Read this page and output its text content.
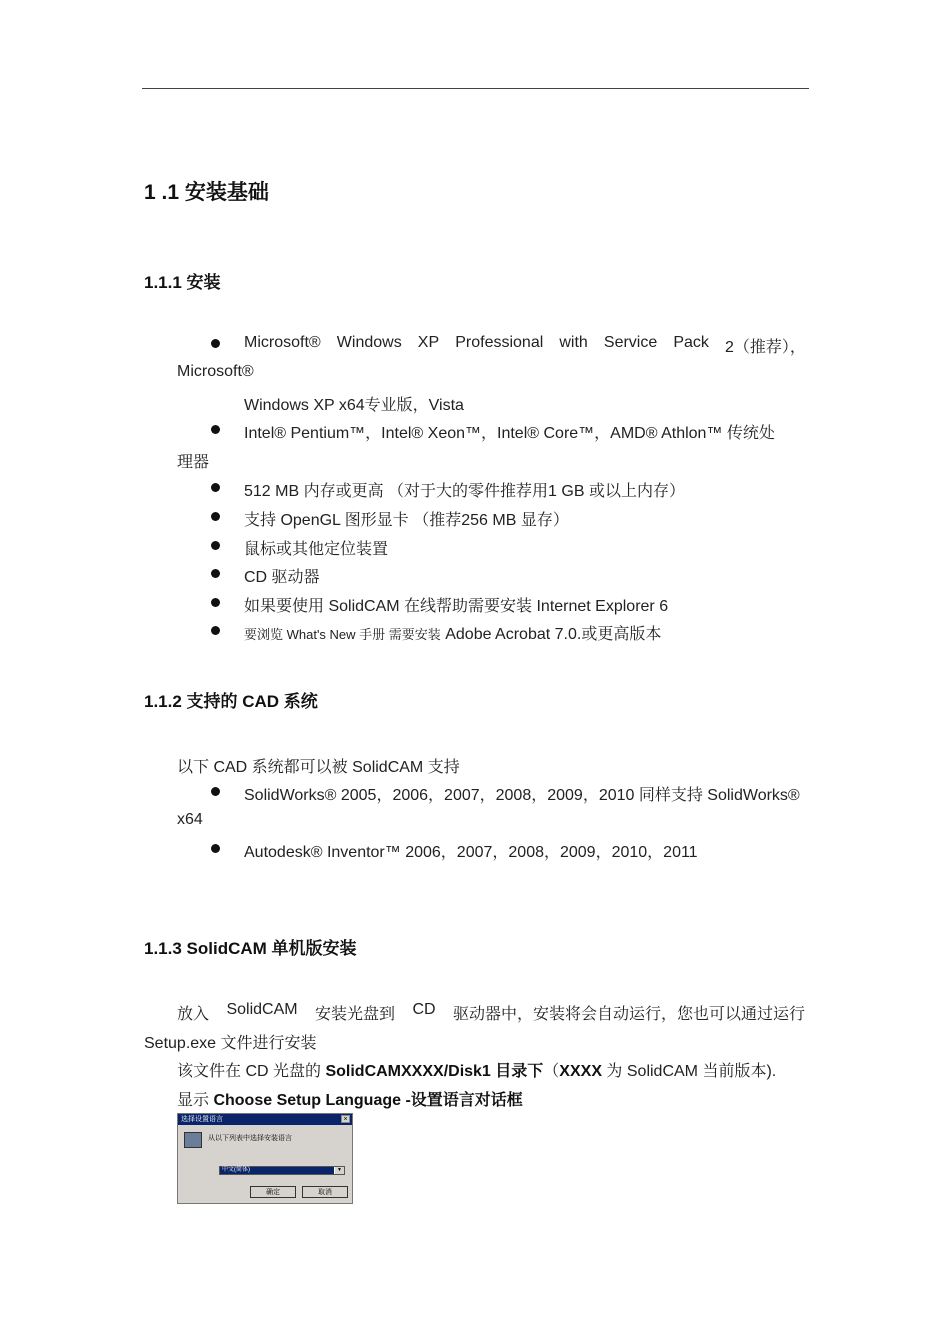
1 .1 安装基础
1.1.1 安装
Microsoft® Windows XP Professional with Service Pack 2（推荐），
Microsoft®
Windows XP x64专业版，Vista
Intel® Pentium™，Intel® Xeon™，Intel® Core™，AMD® Athlon™ 传统处
理器
512 MB 内存或更高 （对于大的零件推荐用1 GB 或以上内存）
支持 OpenGL 图形显卡 （推荐256 MB 显存）
鼠标或其他定位装置
CD 驱动器
如果要使用 SolidCAM 在线帮助需要安装 Internet Explorer 6
要浏览 What's New 手册 需要安装 Adobe Acrobat 7.0.或更高版本
1.1.2 支持的 CAD 系统
以下 CAD 系统都可以被 SolidCAM 支持
SolidWorks® 2005，2006，2007，2008，2009，2010 同样支持 SolidWorks®
x64
Autodesk® Inventor™ 2006，2007，2008，2009，2010，2011
1.1.3 SolidCAM 单机版安装
放入 SolidCAM 安装光盘到 CD 驱动器中，安装将会自动运行，您也可以通过运行
Setup.exe 文件进行安装
该文件在 CD 光盘的 SolidCAMXXXX/Disk1 目录下（XXXX 为 SolidCAM 当前版本).
显示 Choose Setup Language -设置语言对话框
选择设置语言	×
从以下列表中选择安装语言
中文(简体)	▼
确定	取消
